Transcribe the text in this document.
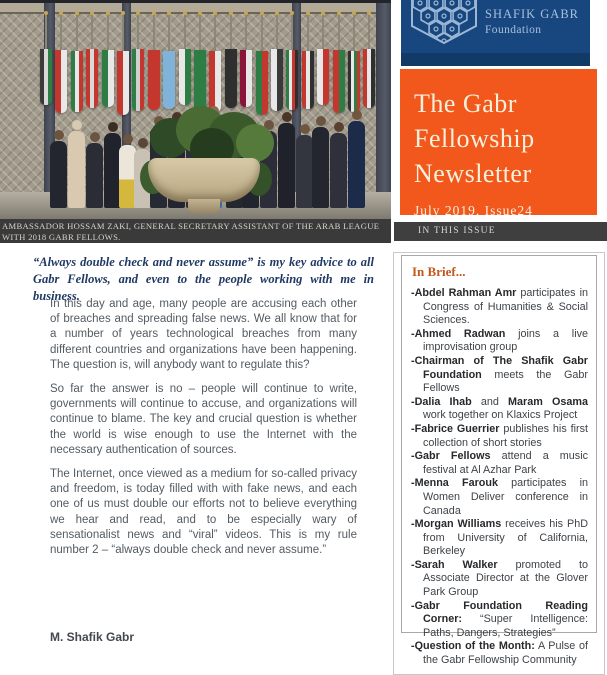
AMBASSADOR HOSSAM ZAKI, GENERAL SECRETARY ASSISTANT OF THE ARAB LEAGUE WITH 2018 GABR FELLOWS.
“Always double check and never assume” is my key advice to all Gabr Fellows, and even to the people working with me in business.

In this day and age, many people are accusing each other of breaches and spreading false news. We all know that for a number of years technological breaches from many different countries and organizations have been happening. The question is, will anybody want to regulate this?

So far the answer is no – people will continue to write, governments will continue to accuse, and organizations will continue to blame. The key and crucial question is whether the world is wise enough to use the Internet with the necessary authentication of sources.

The Internet, once viewed as a medium for so-called privacy and freedom, is today filled with with fake news, and each one of us must double our efforts not to believe everything we hear and read, and to be especially wary of sensationalist news and “viral” videos. This is my rule number 2 – “always double check and never assume.”

M. Shafik Gabr
SHAFIK GABR
Foundation
The Gabr Fellowship Newsletter
July 2019, Issue24
IN THIS ISSUE
In Brief...
-Abdel Rahman Amr participates in Congress of Humanities & Social Sciences.
-Ahmed Radwan joins a live improvisation group
-Chairman of The Shafik Gabr Foundation meets the Gabr Fellows
-Dalia Ihab and Maram Osama work together on Klaxics Project
-Fabrice Guerrier publishes his first collection of short stories
-Gabr Fellows attend a music festival at Al Azhar Park
-Menna Farouk participates in Women Deliver conference in Canada
-Morgan Williams receives his PhD from University of California, Berkeley
-Sarah Walker promoted to Associate Director at the Glover Park Group
-Gabr Foundation Reading Corner: “Super Intelligence: Paths, Dangers, Strategies”
-Question of the Month: A Pulse of the Gabr Fellowship Community
